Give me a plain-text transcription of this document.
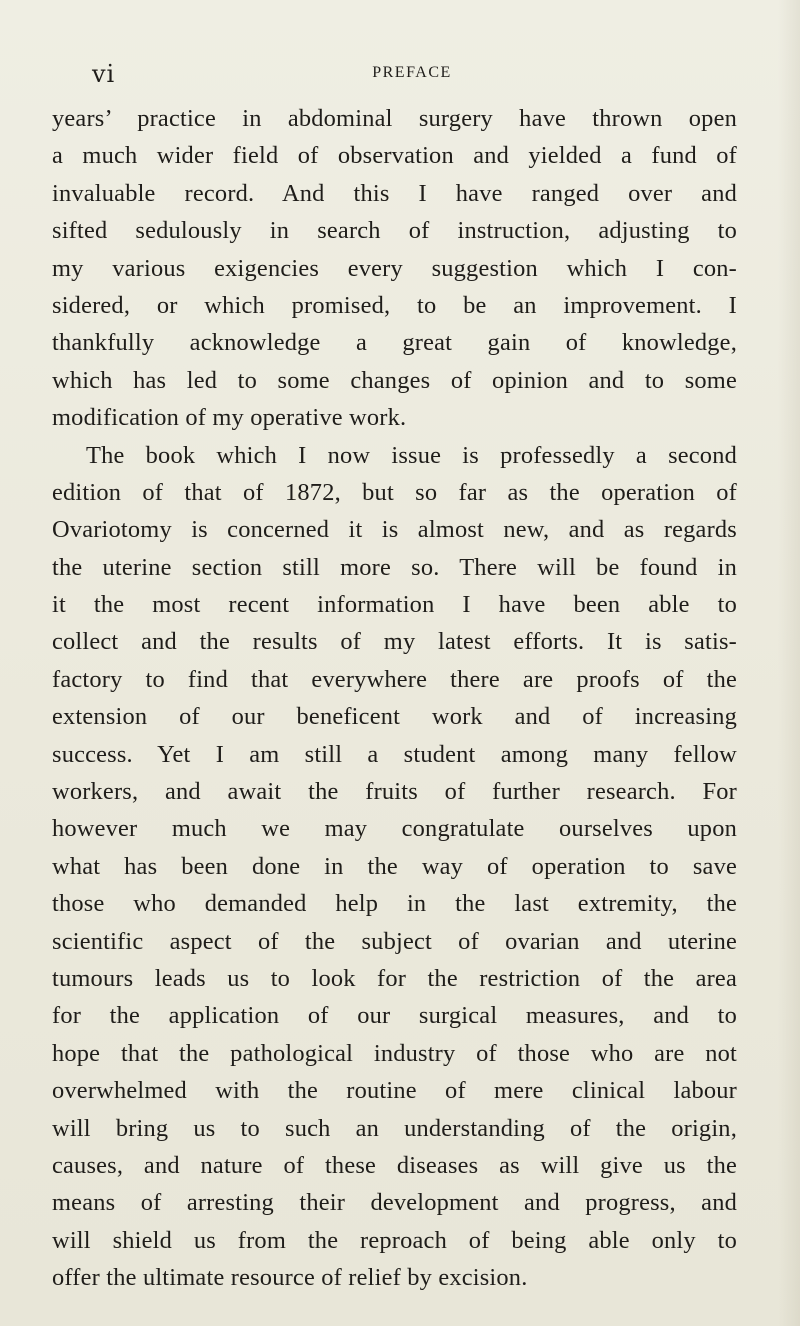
vi	PREFACE
years’ practice in abdominal surgery have thrown open
a much wider field of observation and yielded a fund of
invaluable record. And this I have ranged over and
sifted sedulously in search of instruction, adjusting to
my various exigencies every suggestion which I con-
sidered, or which promised, to be an improvement. I
thankfully acknowledge a great gain of knowledge,
which has led to some changes of opinion and to some
modification of my operative work.
The book which I now issue is professedly a second
edition of that of 1872, but so far as the operation of
Ovariotomy is concerned it is almost new, and as regards
the uterine section still more so. There will be found in
it the most recent information I have been able to
collect and the results of my latest efforts. It is satis-
factory to find that everywhere there are proofs of the
extension of our beneficent work and of increasing
success. Yet I am still a student among many fellow
workers, and await the fruits of further research. For
however much we may congratulate ourselves upon
what has been done in the way of operation to save
those who demanded help in the last extremity, the
scientific aspect of the subject of ovarian and uterine
tumours leads us to look for the restriction of the area
for the application of our surgical measures, and to
hope that the pathological industry of those who are not
overwhelmed with the routine of mere clinical labour
will bring us to such an understanding of the origin,
causes, and nature of these diseases as will give us the
means of arresting their development and progress, and
will shield us from the reproach of being able only to
offer the ultimate resource of relief by excision.
